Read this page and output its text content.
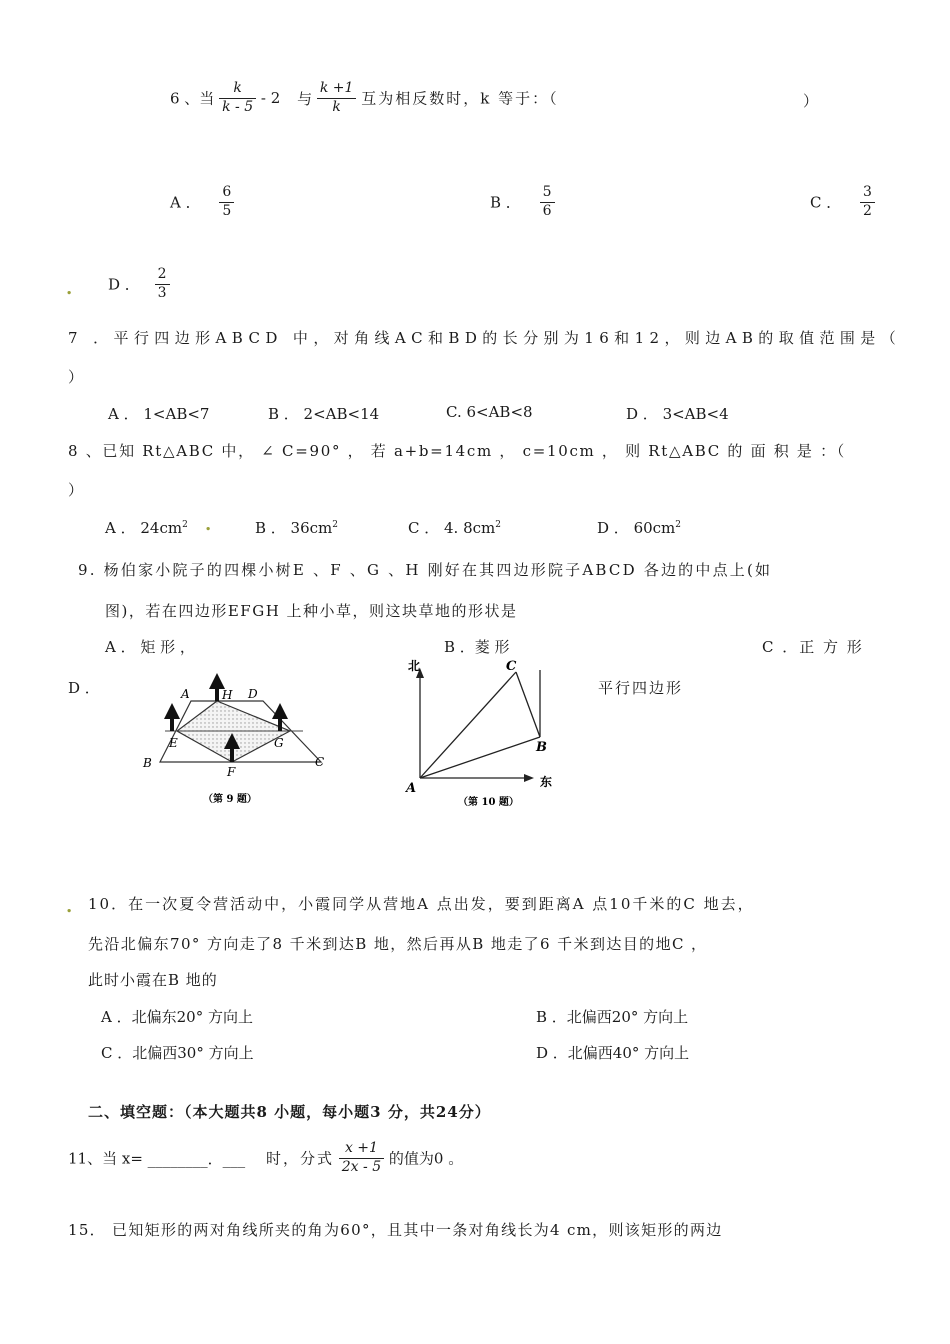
6 、当 $\frac{k}{k - 5} - 2$ 与 $\frac{k +1}{k}$ 互为相反数时，k 等于：（	）
A ． $\frac{6}{5}$	B ． $\frac{5}{6}$	C ． $\frac{3}{2}$
. D ． $\frac{2}{3}$
7 ．平行四边形ABCD 中，对角线AC和BD的长分别为16和12，则边AB的取值范围是（
）
A ． 1<AB<7	B ． 2<AB<14	C. 6<AB<8	D ． 3<AB<4
8 、已知 Rt△ABC 中， ∠ C=90° ， 若 a+b=14cm ， c=10cm ， 则 Rt△ABC 的 面 积 是 ：（
）
A ． $24cm^2$ .	B ． $36cm^2$	C ． 4. $8cm^2$	D ． $60cm^2$
9. 杨伯家小院子的四棵小树E 、F 、G 、H 刚好在其四边形院子ABCD 各边的中点上(如
图)，若在四边形EFGH 上种小草，则这块草地的形状是
A ． 矩 形 ，	B ．菱 形	C ．正 方 形
D ．	平行四边形
A	H D
E	G
B
F
C
（第 9 题）
北
东
C
B
A
（第 10 题）
. 10．在一次夏令营活动中，小霞同学从营地A 点出发，要到距离A 点10千米的C 地去，
先沿北偏东70° 方向走了8 千米到达B 地，然后再从B 地走了6 千米到达目的地C ，
此时小霞在B 地的
A ．北偏东20° 方向上	B ．北偏西20° 方向上
C ．北偏西30° 方向上	D ．北偏西40° 方向上
二、填空题：（本大题共8 小题，每小题3 分，共24分）
11、当 x= ________．___ 时，分式 $\frac{x +1}{2x - 5}$ 的值为0 。
15． 已知矩形的两对角线所夹的角为60°，且其中一条对角线长为4 cm，则该矩形的两边
